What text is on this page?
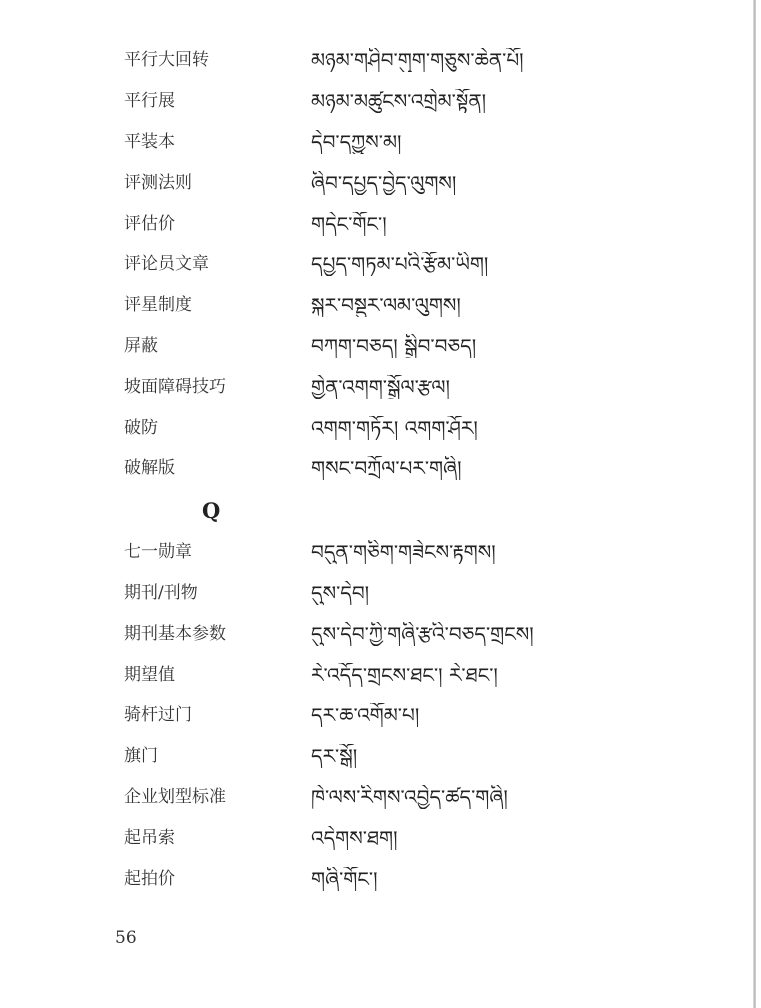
平行大回转	མཉམ་གཤིབ་གུག་གཅུས་ཆེན་པོ།
平行展	མཉམ་མཚུངས་འགྲེམ་སྟོན།
平装本	དེབ་དཀྱུས་མ།
评测法则	ཞིབ་དཔྱད་བྱེད་ལུགས།
评估价	གདེང་གོང་།
评论员文章	དཔྱད་གཏམ་པའི་རྩོམ་ཡིག།
评星制度	སྐར་བསྡུར་ལམ་ལུགས།
屏蔽	བཀག་བཅད། སྒྲིབ་བཅད།
坡面障碍技巧	གྱེན་འགག་སྒྲོལ་རྩལ།
破防	འགག་གཏོར། འགག་ཤོར།
破解版	གསང་བཀྲོལ་པར་གཞི།
Q
七一勋章	བདུན་གཅིག་གཟེངས་རྟགས།
期刊/刊物	དུས་དེབ།
期刊基本参数	དུས་དེབ་ཀྱི་གཞི་རྩའི་བཅད་གྲངས།
期望值	རེ་འདོད་གྲངས་ཐང་། རེ་ཐང་།
骑杆过门	དར་ཆ་འགོམ་པ།
旗门	དར་སྒོ།
企业划型标准	ཁེ་ལས་རིགས་འབྱེད་ཚད་གཞི།
起吊索	འདེགས་ཐག།
起拍价	གཞི་གོང་།
56
